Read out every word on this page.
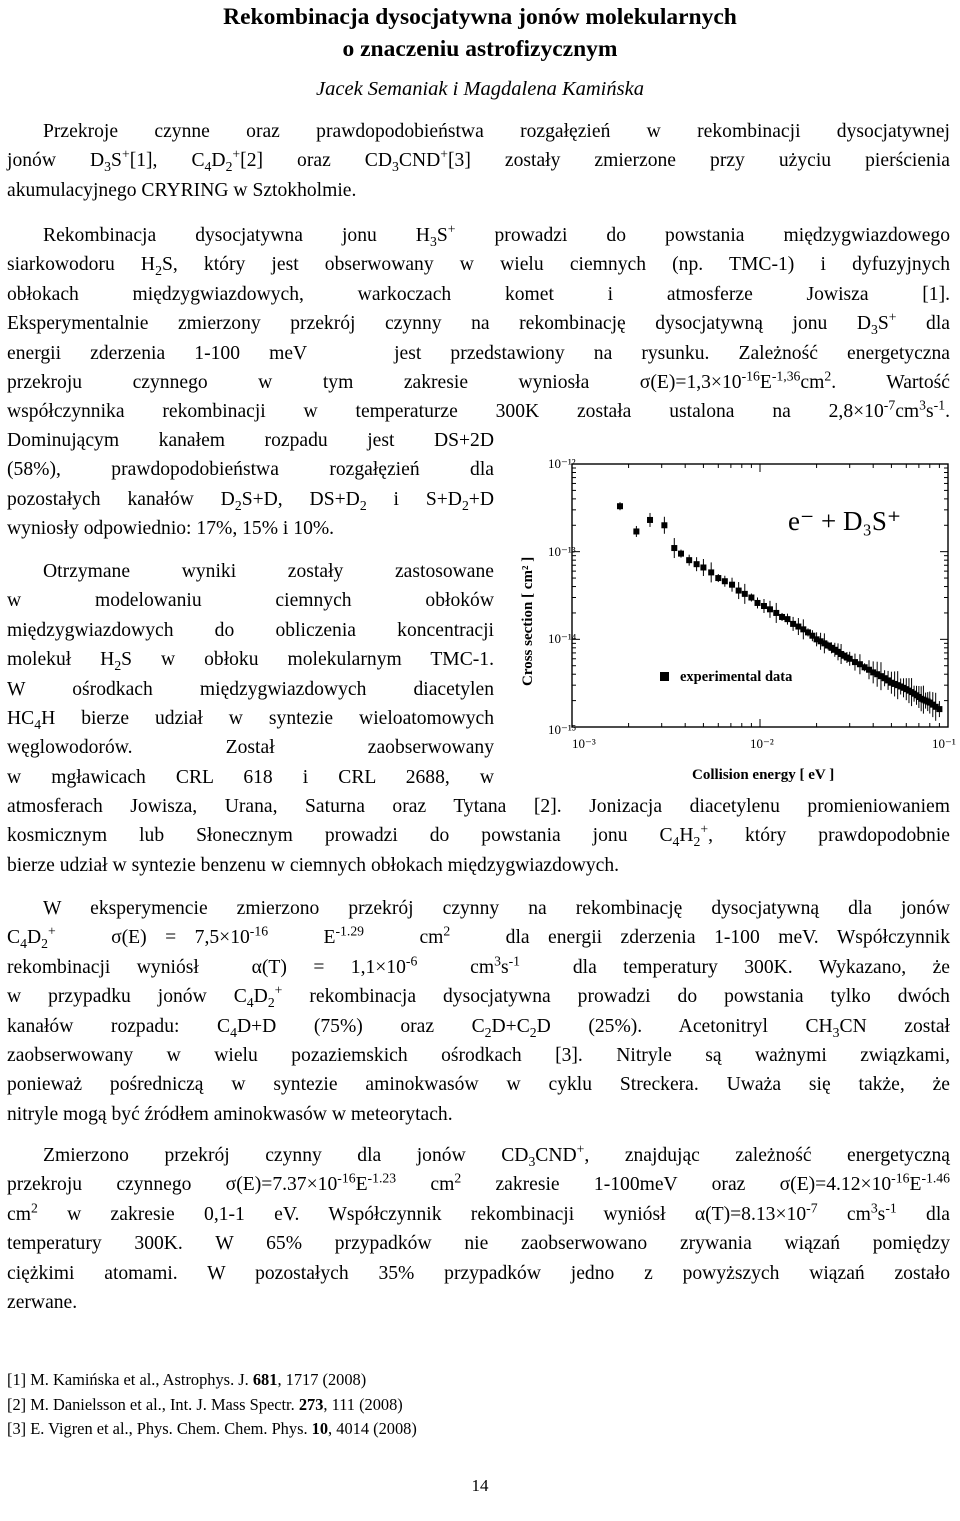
Rekombinacja dysocjatywna jonów molekularnych
o znaczeniu astrofizycznym
Jacek Semaniak i Magdalena Kamińska
Przekroje czynne oraz prawdopodobieństwa rozgałęzień w rekombinacji dysocjatywnej
jonów $D_3S^+[1]$, $C_4D_2^+[2]$ oraz $CD_3CND^+[3]$ zostały zmierzone przy użyciu pierścienia
akumulacyjnego CRYRING w Sztokholmie.
Rekombinacja dysocjatywna jonu $H_3S^+$ prowadzi do powstania międzygwiazdowego
siarkowodoru $H_2S$, który jest obserwowany w wielu ciemnych (np. TMC-1) i dyfuzyjnych
obłokach międzygwiazdowych, warkoczach komet i atmosferze Jowisza [1].
Eksperymentalnie zmierzony przekrój czynny na rekombinację dysocjatywną jonu $D_3S^+$ dla
energii zderzenia 1-100 meV   jest przedstawiony na rysunku. Zależność energetyczna
przekroju czynnego w tym zakresie wyniosła $\sigma(E)=1,3\times 10^{-16}E^{-1,36}cm^2$. Wartość
współczynnika rekombinacji w temperaturze 300K została ustalona na $2,8\times 10^{-7}cm^3s^{-1}$.
Dominującym kanałem rozpadu jest DS+2D
(58%), prawdopodobieństwa rozgałęzień dla
pozostałych kanałów $D_2S+D$, $DS+D_2$ i $S+D_2+D$
wyniosły odpowiednio: 17%, 15% i 10%.
Otrzymane wyniki zostały zastosowane
w modelowaniu ciemnych obłoków
międzygwiazdowych do obliczenia koncentracji
molekuł $H_2S$ w obłoku molekularnym TMC-1.
W ośrodkach międzygwiazdowych diacetylen
$HC_4H$ bierze udział w syntezie wieloatomowych
węglowodorów. Został zaobserwowany
w mgławicach CRL 618 i CRL 2688, w
atmosferach Jowisza, Urana, Saturna oraz Tytana [2]. Jonizacja diacetylenu promieniowaniem
kosmicznym lub Słonecznym prowadzi do powstania jonu $C_4H_2^+$, który prawdopodobnie
bierze udział w syntezie benzenu w ciemnych obłokach międzygwiazdowych.
W eksperymencie zmierzono przekrój czynny na rekombinację dysocjatywną dla jonów
$C_4D_2^+$   $\sigma(E) = 7,5\times 10^{-16}$   $E^{-1.29}$   $cm^2$   dla energii zderzenia 1-100 meV. Współczynnik
rekombinacji wyniósł  $\alpha(T) = 1,1\times 10^{-6}$  $cm^3s^{-1}$  dla temperatury 300K. Wykazano, że
w przypadku jonów $C_4D_2^+$ rekombinacja dysocjatywna prowadzi do powstania tylko dwóch
kanałów rozpadu: $C_4D+D$ (75%) oraz $C_2D+C_2D$ (25%). Acetonitryl $CH_3CN$ został
zaobserwowany w wielu pozaziemskich ośrodkach [3]. Nitryle są ważnymi związkami,
ponieważ pośredniczą w syntezie aminokwasów w cyklu Streckera. Uważa się także, że
nitryle mogą być źródłem aminokwasów w meteorytach.
Zmierzono przekrój czynny dla jonów $CD_3CND^+$, znajdując zależność energetyczną
przekroju czynnego $\sigma(E)=7.37\times 10^{-16}E^{-1.23}$ $cm^2$ zakresie 1-100meV oraz $\sigma(E)=4.12\times 10^{-16}E^{-1.46}$
$cm^2$ w zakresie 0,1-1 eV. Współczynnik rekombinacji wyniósł $\alpha(T)=8.13\times 10^{-7}$ $cm^3s^{-1}$ dla
temperatury 300K. W 65% przypadków nie zaobserwowano zrywania wiązań pomiędzy
ciężkimi atomami. W pozostałych 35% przypadków jedno z powyższych wiązań zostało
zerwane.
[1] M. Kamińska et al., Astrophys. J. 681, 1717 (2008)
[2] M. Danielsson et al., Int. J. Mass Spectr. 273, 111 (2008)
[3] E. Vigren et al., Phys. Chem. Chem. Phys. 10, 4014 (2008)
14
10⁻¹²
10⁻¹³
10⁻¹⁴
10⁻¹⁵
10⁻³	10⁻²	10⁻¹
Collision energy [ eV ]
Cross section [ cm² ]
e⁻ + D₃S⁺
experimental data
